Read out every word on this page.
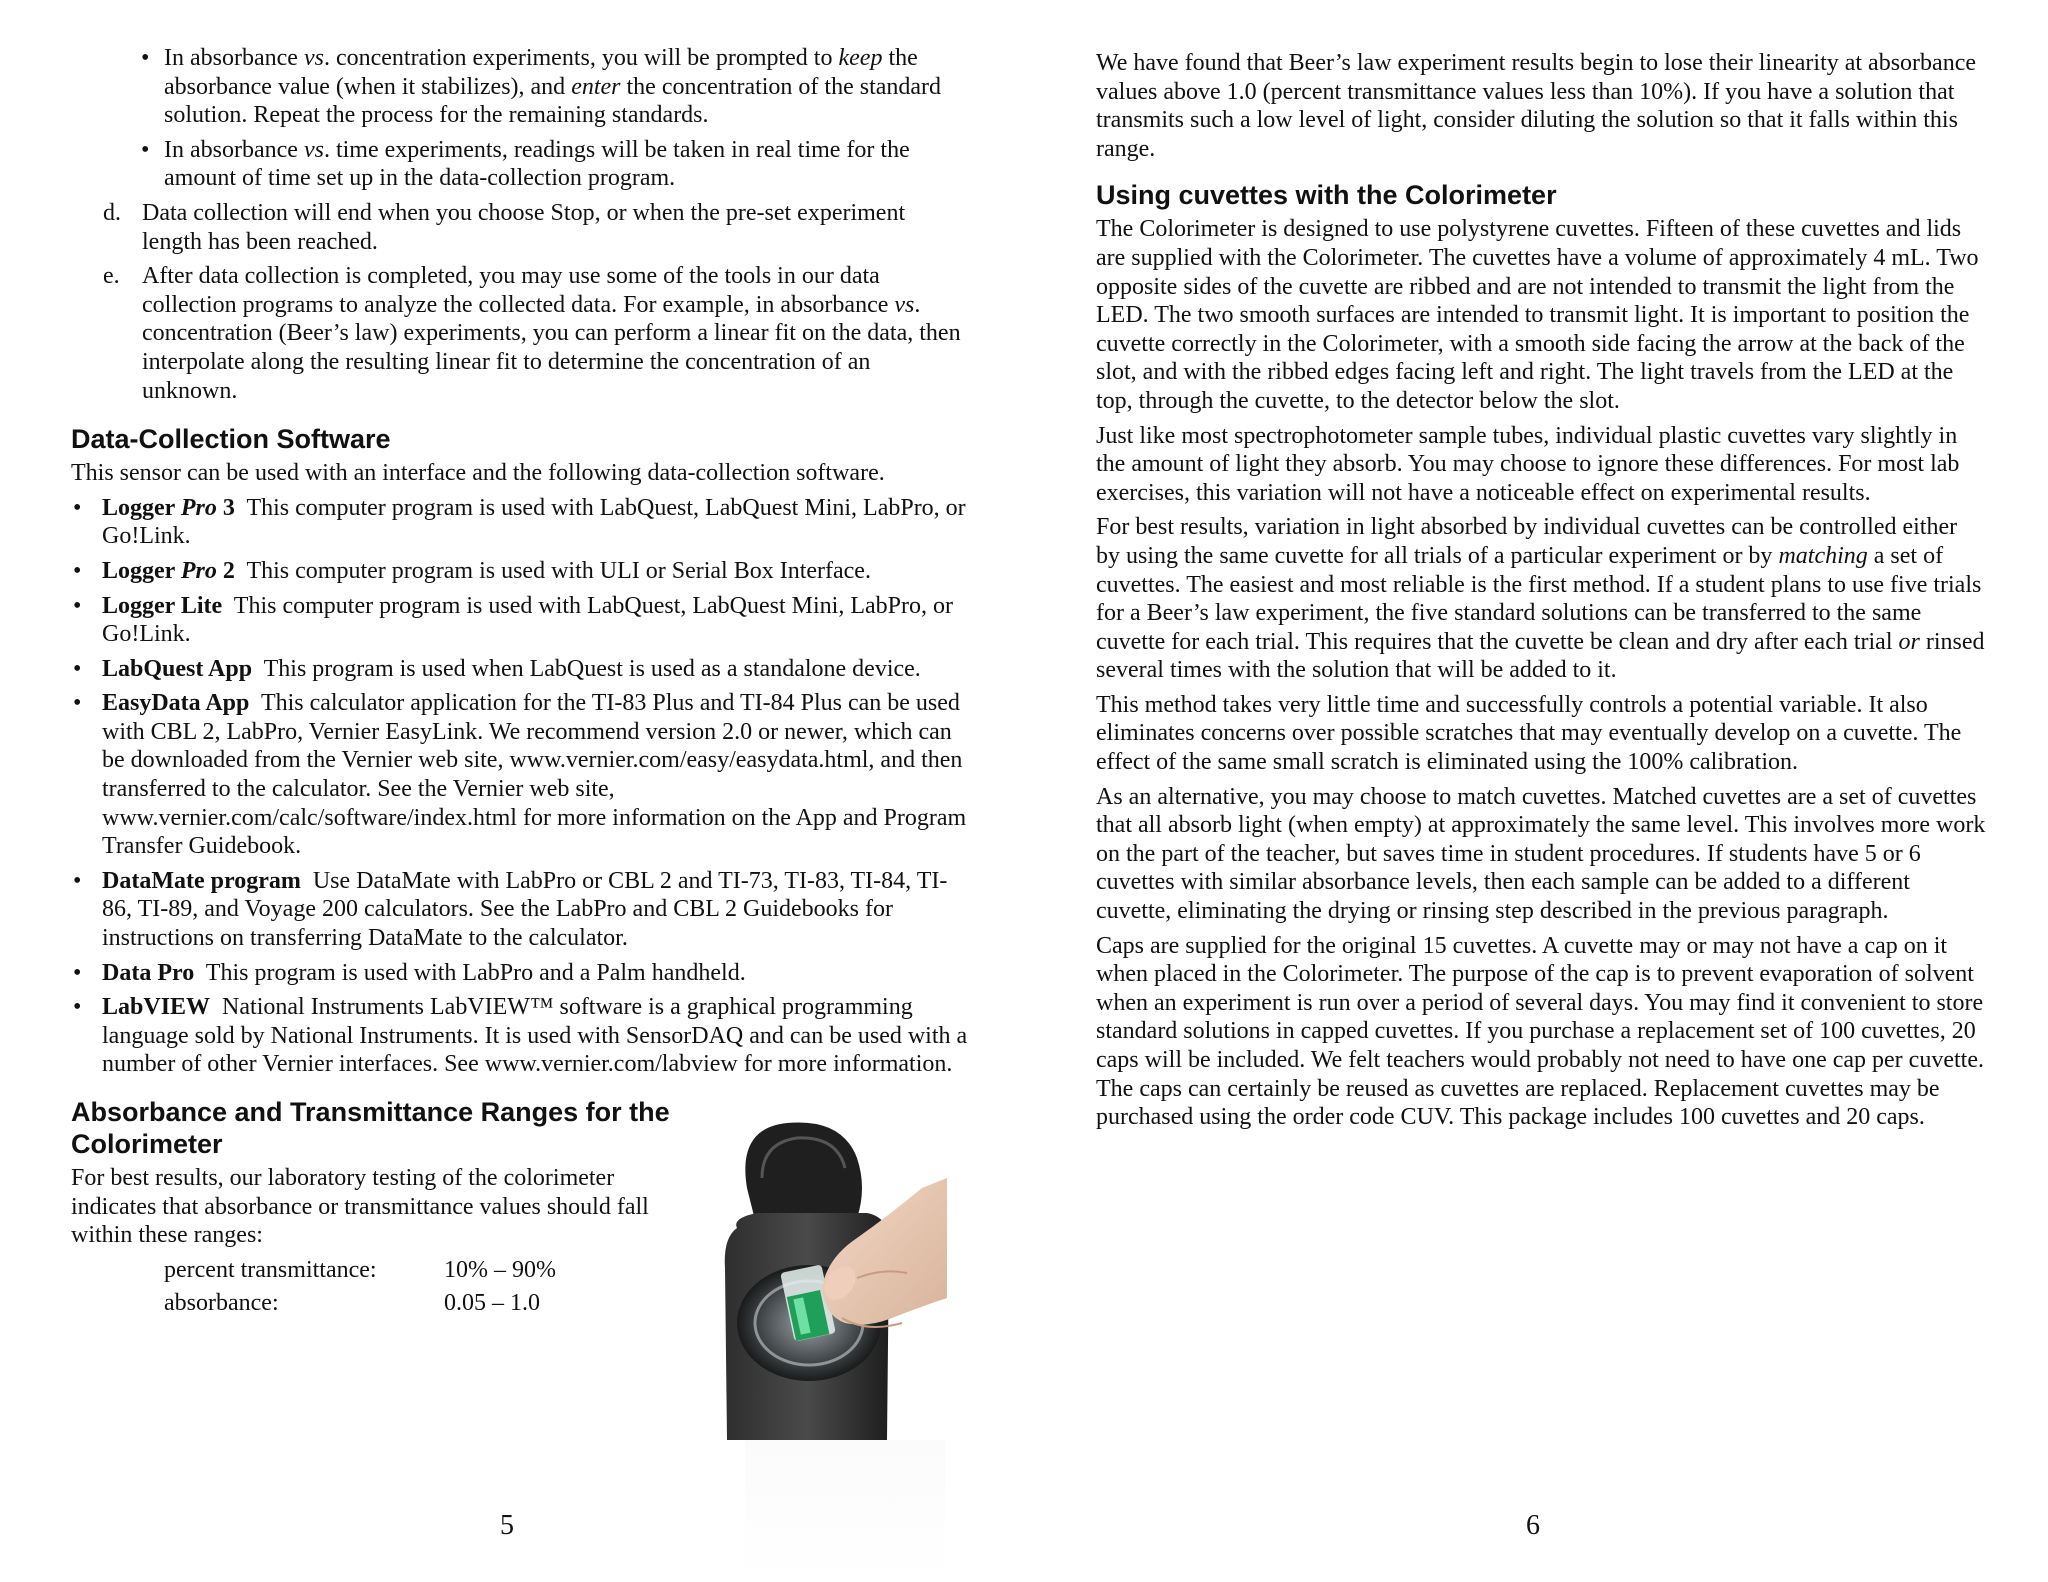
• In absorbance vs. concentration experiments, you will be prompted to keep the absorbance value (when it stabilizes), and enter the concentration of the standard solution. Repeat the process for the remaining standards.
• In absorbance vs. time experiments, readings will be taken in real time for the amount of time set up in the data-collection program.
d. Data collection will end when you choose Stop, or when the pre-set experiment length has been reached.
e. After data collection is completed, you may use some of the tools in our data collection programs to analyze the collected data. For example, in absorbance vs. concentration (Beer’s law) experiments, you can perform a linear fit on the data, then interpolate along the resulting linear fit to determine the concentration of an unknown.
Data-Collection Software

This sensor can be used with an interface and the following data-collection software.

• Logger Pro 3 This computer program is used with LabQuest, LabQuest Mini, LabPro, or Go!Link.
• Logger Pro 2 This computer program is used with ULI or Serial Box Interface.
• Logger Lite This computer program is used with LabQuest, LabQuest Mini, LabPro, or Go!Link.
• LabQuest App This program is used when LabQuest is used as a standalone device.
• EasyData App This calculator application for the TI-83 Plus and TI-84 Plus can be used with CBL 2, LabPro, Vernier EasyLink. We recommend version 2.0 or newer, which can be downloaded from the Vernier web site, www.vernier.com/easy/easydata.html, and then transferred to the calculator. See the Vernier web site, www.vernier.com/calc/software/index.html for more information on the App and Program Transfer Guidebook.
• DataMate program Use DataMate with LabPro or CBL 2 and TI-73, TI-83, TI-84, TI-86, TI-89, and Voyage 200 calculators. See the LabPro and CBL 2 Guidebooks for instructions on transferring DataMate to the calculator.
• Data Pro This program is used with LabPro and a Palm handheld.
• LabVIEW National Instruments LabVIEW™ software is a graphical programming language sold by National Instruments. It is used with SensorDAQ and can be used with a number of other Vernier interfaces. See www.vernier.com/labview for more information.
Absorbance and Transmittance Ranges for the Colorimeter

For best results, our laboratory testing of the colorimeter indicates that absorbance or transmittance values should fall within these ranges:

percent transmittance:	10% – 90%
absorbance:	0.05 – 1.0
5

We have found that Beer’s law experiment results begin to lose their linearity at absorbance values above 1.0 (percent transmittance values less than 10%). If you have a solution that transmits such a low level of light, consider diluting the solution so that it falls within this range.

Using cuvettes with the Colorimeter

The Colorimeter is designed to use polystyrene cuvettes. Fifteen of these cuvettes and lids are supplied with the Colorimeter. The cuvettes have a volume of approximately 4 mL. Two opposite sides of the cuvette are ribbed and are not intended to transmit the light from the LED. The two smooth surfaces are intended to transmit light. It is important to position the cuvette correctly in the Colorimeter, with a smooth side facing the arrow at the back of the slot, and with the ribbed edges facing left and right. The light travels from the LED at the top, through the cuvette, to the detector below the slot.

Just like most spectrophotometer sample tubes, individual plastic cuvettes vary slightly in the amount of light they absorb. You may choose to ignore these differences. For most lab exercises, this variation will not have a noticeable effect on experimental results.

For best results, variation in light absorbed by individual cuvettes can be controlled either by using the same cuvette for all trials of a particular experiment or by matching a set of cuvettes. The easiest and most reliable is the first method. If a student plans to use five trials for a Beer’s law experiment, the five standard solutions can be transferred to the same cuvette for each trial. This requires that the cuvette be clean and dry after each trial or rinsed several times with the solution that will be added to it.

This method takes very little time and successfully controls a potential variable. It also eliminates concerns over possible scratches that may eventually develop on a cuvette. The effect of the same small scratch is eliminated using the 100% calibration.

As an alternative, you may choose to match cuvettes. Matched cuvettes are a set of cuvettes that all absorb light (when empty) at approximately the same level. This involves more work on the part of the teacher, but saves time in student procedures. If students have 5 or 6 cuvettes with similar absorbance levels, then each sample can be added to a different cuvette, eliminating the drying or rinsing step described in the previous paragraph.

Caps are supplied for the original 15 cuvettes. A cuvette may or may not have a cap on it when placed in the Colorimeter. The purpose of the cap is to prevent evaporation of solvent when an experiment is run over a period of several days. You may find it convenient to store standard solutions in capped cuvettes. If you purchase a replacement set of 100 cuvettes, 20 caps will be included. We felt teachers would probably not need to have one cap per cuvette. The caps can certainly be reused as cuvettes are replaced. Replacement cuvettes may be purchased using the order code CUV. This package includes 100 cuvettes and 20 caps.

6
